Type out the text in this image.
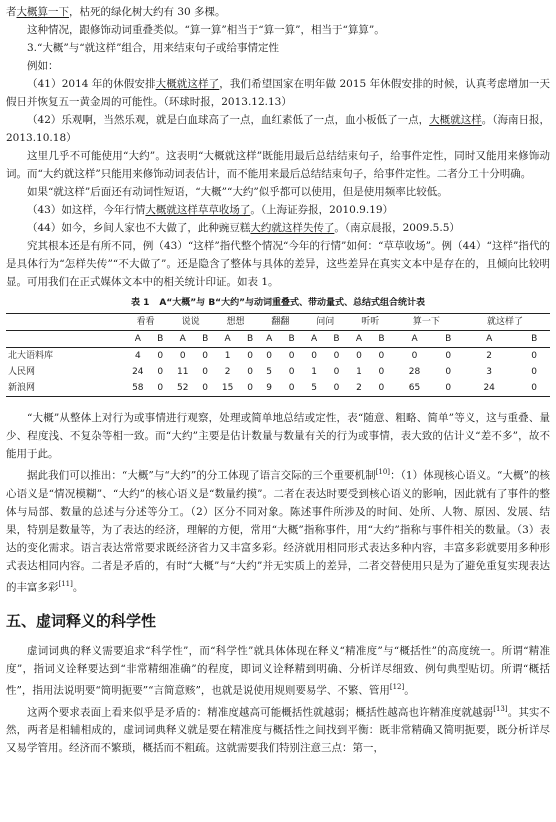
者大概算一下，枯死的绿化树大约有 30 多棵。

这种情况，跟修饰动词重叠类似。“算一算”相当于“算一算”，相当于“算算”。

3.“大概”与“就这样”组合，用来结束句子或给事情定性

例如：

（41）2014 年的休假安排大概就这样了，我们希望国家在明年做 2015 年休假安排的时候，认真考虑增加一天假日并恢复五一黄金周的可能性。（环球时报，2013.12.13）

（42）乐观啊，当然乐观，就是白血球高了一点，血红素低了一点，血小板低了一点，大概就这样。（海南日报，2013.10.18）

这里几乎不可能使用“大约”。这表明“大概就这样”既能用最后总结结束句子，给事件定性，同时又能用来修饰动词。而“大约就这样”只能用来修饰动词表估计，而不能用来最后总结结束句子，给事件定性。二者分工十分明确。

如果“就这样”后面还有动词性短语，“大概”“大约”似乎都可以使用，但是使用频率比较低。

（43）如这样，今年行情大概就这样草草收场了。（上海证券报，2010.9.19）

（44）如今，乡间人家也不大做了，此种豌豆糕大约就这样失传了。（南京晨报，2009.5.5）

究其根本还是有所不同，例（43）“这样”指代整个情况“今年的行情”如何：“草草收场”。例（44）“这样”指代的是具体行为“怎样失传”“不大做了”。还是隐含了整体与具体的差异，这些差异在真实文本中是存在的，且倾向比较明显。可用我们在正式媒体文本中的相关统计印证。如表 1。

表 1 A“大概”与 B“大约”与动词重叠式、带动量式、总结式组合统计表
	看看		说说		想想		翻翻		问问		听听		算一下		就这样了	
	A	B	A	B	A	B	A	B	A	B	A	B	A	B	A	B
北大语料库	4	0	0	0	1	0	0	0	0	0	0	0	0	0	2	0
人民网	24	0	11	0	2	0	5	0	1	0	1	0	28	0	3	0
新浪网	58	0	52	0	15	0	9	0	5	0	2	0	65	0	24	0

“大概”从整体上对行为或事情进行观察，处理或简单地总结或定性，表“随意、粗略、简单”等义，这与重叠、量少、程度浅、不复杂等相一致。而“大约”主要是估计数量与数量有关的行为或事情，表大致的估计义“差不多”，故不能用于此。

据此我们可以推出：“大概”与“大约”的分工体现了语言交际的三个重要机制[10]：（1）体现核心语义。“大概”的核心语义是“情况模糊”、“大约”的核心语义是“数量约摸”。二者在表达时要受到核心语义的影响，因此就有了事件的整体与局部、数量的总述与分述等分工。（2）区分不同对象。陈述事件所涉及的时间、处所、人物、原因、发展、结果，特别是数量等，为了表达的经济，理解的方便，常用“大概”指称事件，用“大约”指称与事件相关的数量。（3）表达的变化需求。语言表达常常要求既经济省力又丰富多彩。经济就用相同形式表达多种内容，丰富多彩就要用多种形式表达相同内容。二者是矛盾的，有时“大概”与“大约”并无实质上的差异，二者交替使用只是为了避免重复实现表达的丰富多彩[11]。

五、虚词释义的科学性

虚词词典的释义需要追求“科学性”，而“科学性”就具体体现在释义“精准度”与“概括性”的高度统一。所谓“精准度”，指词义诠释要达到“非常精细准确”的程度，即词义诠释精到明确、分析详尽细致、例句典型贴切。所谓“概括性”，指用法说明要“简明扼要”“言简意赅”，也就是说使用规则要易学、不繁、管用[12]。

这两个要求表面上看来似乎是矛盾的：精准度越高可能概括性就越弱；概括性越高也许精准度就越弱[13]。其实不然，两者是相辅相成的，虚词词典释义就是要在精准度与概括性之间找到平衡：既非常精确又简明扼要，既分析详尽又易学管用。经济而不繁琐，概括而不粗疏。这就需要我们特别注意三点：第一，
